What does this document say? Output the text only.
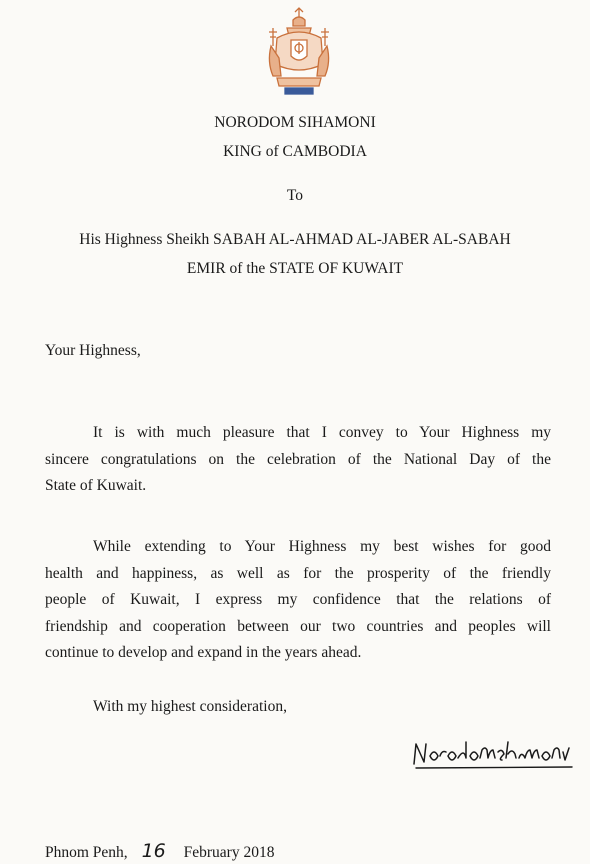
NORODOM SIHAMONI
KING of CAMBODIA
To
His Highness Sheikh SABAH AL-AHMAD AL-JABER AL-SABAH
EMIR of the STATE OF KUWAIT
Your Highness,
It is with much pleasure that I convey to Your Highness my
sincere congratulations on the celebration of the National Day of the
State of Kuwait.
While extending to Your Highness my best wishes for good
health and happiness, as well as for the prosperity of the friendly
people of Kuwait, I express my confidence that the relations of
friendship and cooperation between our two countries and peoples will
continue to develop and expand in the years ahead.
With my highest consideration,
Phnom Penh, 16 February 2018
